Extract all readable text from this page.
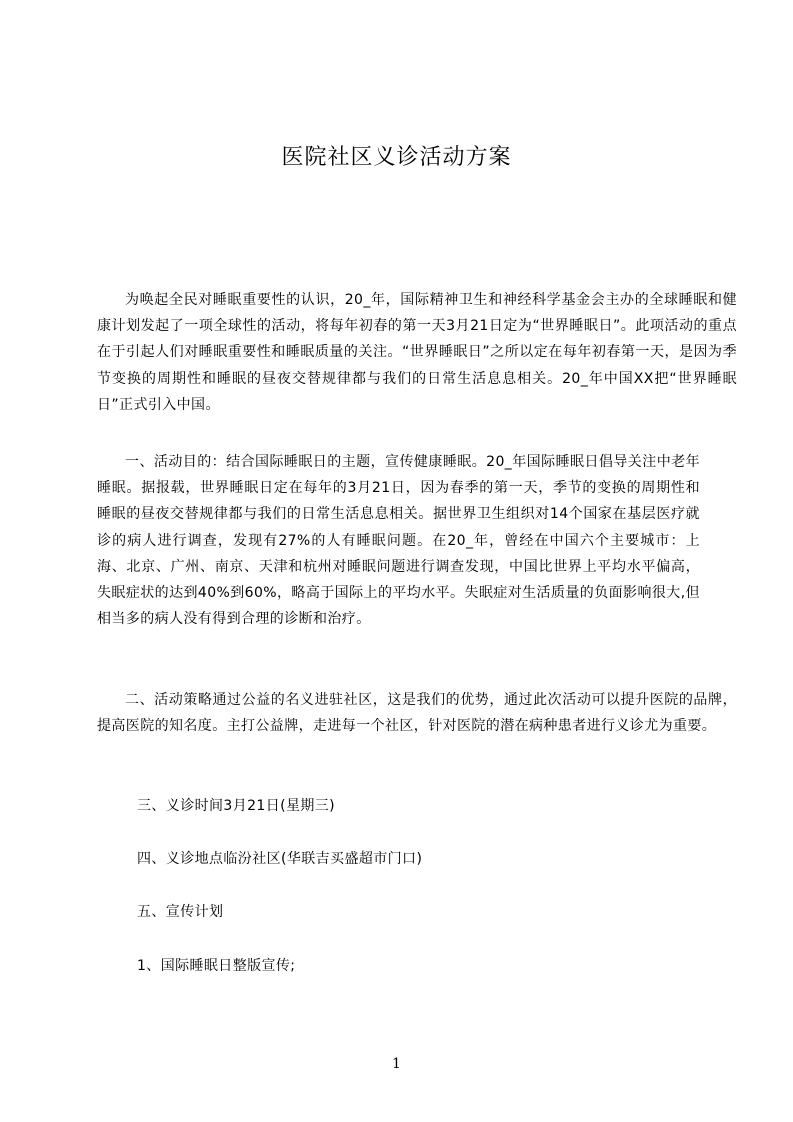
医院社区义诊活动方案

为唤起全民对睡眠重要性的认识，20_年，国际精神卫生和神经科学基金会主办的全球睡眠和健康计划发起了一项全球性的活动，将每年初春的第一天3月21日定为“世界睡眠日”。此项活动的重点在于引起人们对睡眠重要性和睡眠质量的关注。“世界睡眠日”之所以定在每年初春第一天，是因为季节变换的周期性和睡眠的昼夜交替规律都与我们的日常生活息息相关。20_年中国XX把“世界睡眠日”正式引入中国。

一、活动目的：结合国际睡眠日的主题，宣传健康睡眠。20_年国际睡眠日倡导关注中老年睡眠。据报载，世界睡眠日定在每年的3月21日，因为春季的第一天，季节的变换的周期性和睡眠的昼夜交替规律都与我们的日常生活息息相关。据世界卫生组织对14个国家在基层医疗就诊的病人进行调查，发现有27%的人有睡眠问题。在20_年，曾经在中国六个主要城市：上海、北京、广州、南京、天津和杭州对睡眠问题进行调查发现，中国比世界上平均水平偏高，失眠症状的达到40%到60%，略高于国际上的平均水平。失眠症对生活质量的负面影响很大,但相当多的病人没有得到合理的诊断和治疗。

二、活动策略通过公益的名义进驻社区，这是我们的优势，通过此次活动可以提升医院的品牌，提高医院的知名度。主打公益牌，走进每一个社区，针对医院的潜在病种患者进行义诊尤为重要。

三、义诊时间3月21日(星期三)
四、义诊地点临汾社区(华联吉买盛超市门口)
五、宣传计划
1、国际睡眠日整版宣传;
1
